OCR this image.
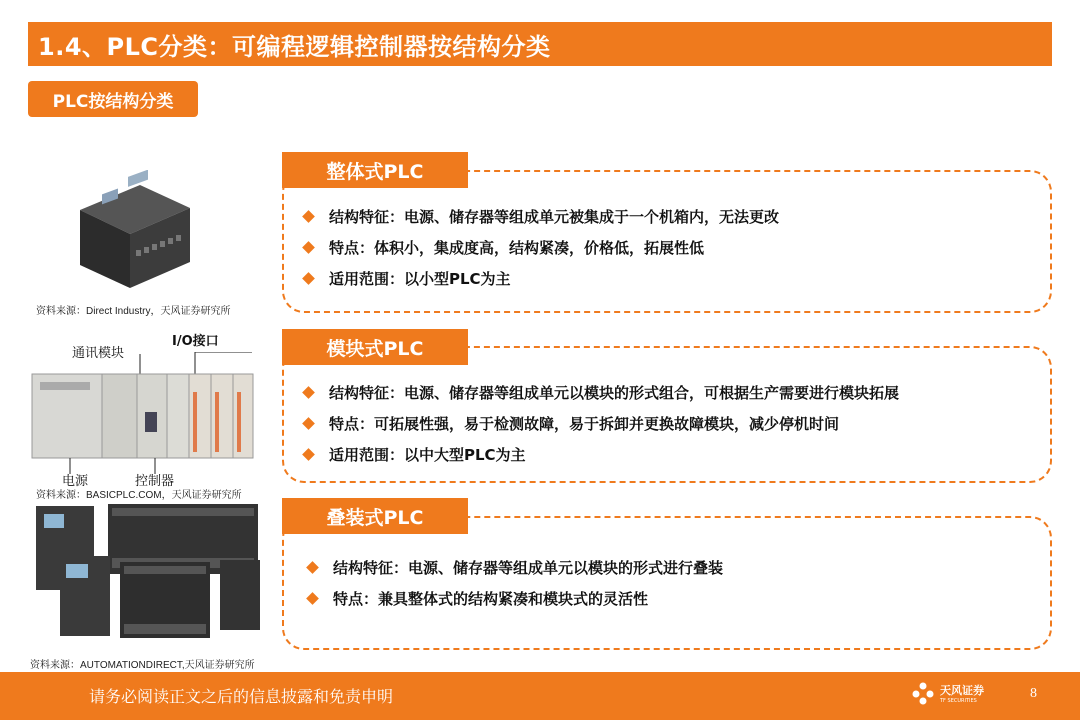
1.4、PLC分类：可编程逻辑控制器按结构分类
PLC按结构分类
整体式PLC
结构特征：电源、储存器等组成单元被集成于一个机箱内，无法更改
特点：体积小，集成度高，结构紧凑，价格低，拓展性低
适用范围：以小型PLC为主
模块式PLC
结构特征：电源、储存器等组成单元以模块的形式组合，可根据生产需要进行模块拓展
特点：可拓展性强，易于检测故障，易于拆卸并更换故障模块，减少停机时间
适用范围：以中大型PLC为主
叠装式PLC
结构特征：电源、储存器等组成单元以模块的形式进行叠装
特点：兼具整体式的结构紧凑和模块式的灵活性
资料来源：Direct Industry，天风证券研究所
通讯模块
I/O接口
电源	控制器
资料来源：BASICPLC.COM，天风证券研究所
资料来源：AUTOMATIONDIRECT,天风证券研究所
请务必阅读正文之后的信息披露和免责申明	天风证券
TF SECURITIES	8
